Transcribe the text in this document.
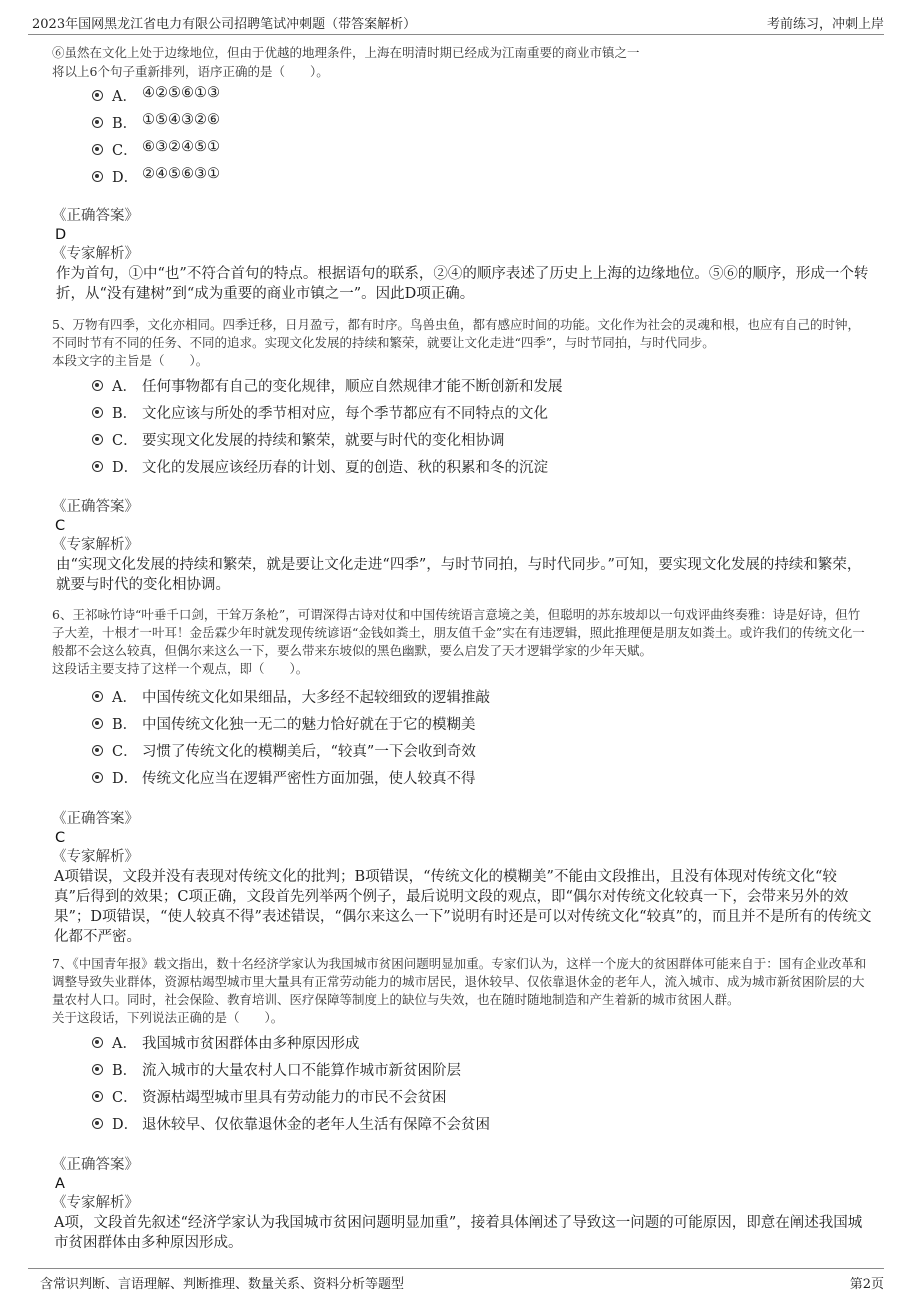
2023年国网黑龙江省电力有限公司招聘笔试冲刺题（带答案解析）	考前练习，冲刺上岸

⑥虽然在文化上处于边缘地位，但由于优越的地理条件，上海在明清时期已经成为江南重要的商业市镇之一

将以上6个句子重新排列，语序正确的是（　　）。

A． ④②⑤⑥①③
B． ①⑤④③②⑥
C． ⑥③②④⑤①
D． ②④⑤⑥③①

《正确答案》

D

《专家解析》

作为首句，①中“也”不符合首句的特点。根据语句的联系，②④的顺序表述了历史上上海的边缘地位。⑤⑥的顺序，形成一个转折，从“没有建树”到“成为重要的商业市镇之一”。因此D项正确。

5、万物有四季，文化亦相同。四季迁移，日月盈亏，都有时序。鸟兽虫鱼，都有感应时间的功能。文化作为社会的灵魂和根，也应有自己的时钟，不同时节有不同的任务、不同的追求。实现文化发展的持续和繁荣，就要让文化走进“四季”，与时节同拍，与时代同步。

本段文字的主旨是（　　）。

A． 任何事物都有自己的变化规律，顺应自然规律才能不断创新和发展
B． 文化应该与所处的季节相对应，每个季节都应有不同特点的文化
C． 要实现文化发展的持续和繁荣，就要与时代的变化相协调
D． 文化的发展应该经历春的计划、夏的创造、秋的积累和冬的沉淀

《正确答案》

C

《专家解析》

由“实现文化发展的持续和繁荣，就是要让文化走进“四季”，与时节同拍，与时代同步。”可知，要实现文化发展的持续和繁荣，就要与时代的变化相协调。

6、王祁咏竹诗“叶垂千口剑，干耸万条枪”，可谓深得古诗对仗和中国传统语言意境之美，但聪明的苏东坡却以一句戏评曲终奏雅：诗是好诗，但竹子大差，十根才一叶耳！金岳霖少年时就发现传统谚语“金钱如粪土，朋友值千金”实在有违逻辑，照此推理便是朋友如粪土。或许我们的传统文化一般都不会这么较真，但偶尔来这么一下，要么带来东坡似的黑色幽默，要么启发了天才逻辑学家的少年天赋。

这段话主要支持了这样一个观点，即（　　）。

A． 中国传统文化如果细品，大多经不起较细致的逻辑推敲
B． 中国传统文化独一无二的魅力恰好就在于它的模糊美
C． 习惯了传统文化的模糊美后，“较真”一下会收到奇效
D． 传统文化应当在逻辑严密性方面加强，使人较真不得

《正确答案》

C

《专家解析》

A项错误，文段并没有表现对传统文化的批判；B项错误，“传统文化的模糊美”不能由文段推出，且没有体现对传统文化“较真”后得到的效果；C项正确，文段首先列举两个例子，最后说明文段的观点，即“偶尔对传统文化较真一下，会带来另外的效果”；D项错误，“使人较真不得”表述错误，“偶尔来这么一下”说明有时还是可以对传统文化“较真”的，而且并不是所有的传统文化都不严密。

7、《中国青年报》载文指出，数十名经济学家认为我国城市贫困问题明显加重。专家们认为，这样一个庞大的贫困群体可能来自于：国有企业改革和调整导致失业群体，资源枯竭型城市里大量具有正常劳动能力的城市居民，退休较早、仅依靠退休金的老年人，流入城市、成为城市新贫困阶层的大量农村人口。同时，社会保险、教育培训、医疗保障等制度上的缺位与失效，也在随时随地制造和产生着新的城市贫困人群。

关于这段话，下列说法正确的是（　　）。

A． 我国城市贫困群体由多种原因形成
B． 流入城市的大量农村人口不能算作城市新贫困阶层
C． 资源枯竭型城市里具有劳动能力的市民不会贫困
D． 退休较早、仅依靠退休金的老年人生活有保障不会贫困

《正确答案》

A

《专家解析》

A项，文段首先叙述“经济学家认为我国城市贫困问题明显加重”，接着具体阐述了导致这一问题的可能原因，即意在阐述我国城市贫困群体由多种原因形成。

含常识判断、言语理解、判断推理、数量关系、资料分析等题型	第2页
